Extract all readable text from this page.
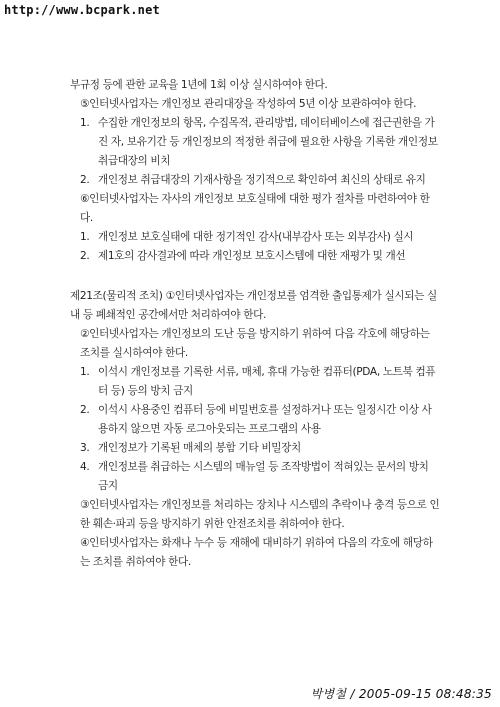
http://www.bcpark.net

부규정 등에 관한 교육을 1년에 1회 이상 실시하여야 한다.

⑤인터넷사업자는 개인정보 관리대장을 작성하여 5년 이상 보관하여야 한다.

1. 수집한 개인정보의 항목, 수집목적, 관리방법, 데이터베이스에 접근권한을 가진 자, 보유기간 등 개인정보의 적정한 취급에 필요한 사항을 기록한 개인정보 취급대장의 비치
2. 개인정보 취급대장의 기재사항을 정기적으로 확인하여 최신의 상태로 유지

⑥인터넷사업자는 자사의 개인정보 보호실태에 대한 평가 절차를 마련하여야 한다.

1. 개인정보 보호실태에 대한 정기적인 감사(내부감사 또는 외부감사) 실시
2. 제1호의 감사결과에 따라 개인정보 보호시스템에 대한 재평가 및 개선

제21조(물리적 조치) ①인터넷사업자는 개인정보를 엄격한 출입통제가 실시되는 실내 등 폐쇄적인 공간에서만 처리하여야 한다.

②인터넷사업자는 개인정보의 도난 등을 방지하기 위하여 다음 각호에 해당하는 조치를 실시하여야 한다.

1. 이석시 개인정보를 기록한 서류, 매체, 휴대 가능한 컴퓨터(PDA, 노트북 컴퓨터 등) 등의 방치 금지
2. 이석시 사용중인 컴퓨터 등에 비밀번호를 설정하거나 또는 일정시간 이상 사용하지 않으면 자동 로그아웃되는 프로그램의 사용
3. 개인정보가 기록된 매체의 봉함 기타 비밀장치
4. 개인정보를 취급하는 시스템의 매뉴얼 등 조작방법이 적혀있는 문서의 방치 금지

③인터넷사업자는 개인정보를 처리하는 장치나 시스템의 추락이나 충격 등으로 인한 훼손·파괴 등을 방지하기 위한 안전조치를 취하여야 한다.

④인터넷사업자는 화재나 누수 등 재해에 대비하기 위하여 다음의 각호에 해당하는 조치를 취하여야 한다.

박병철 / 2005-09-15 08:48:35
